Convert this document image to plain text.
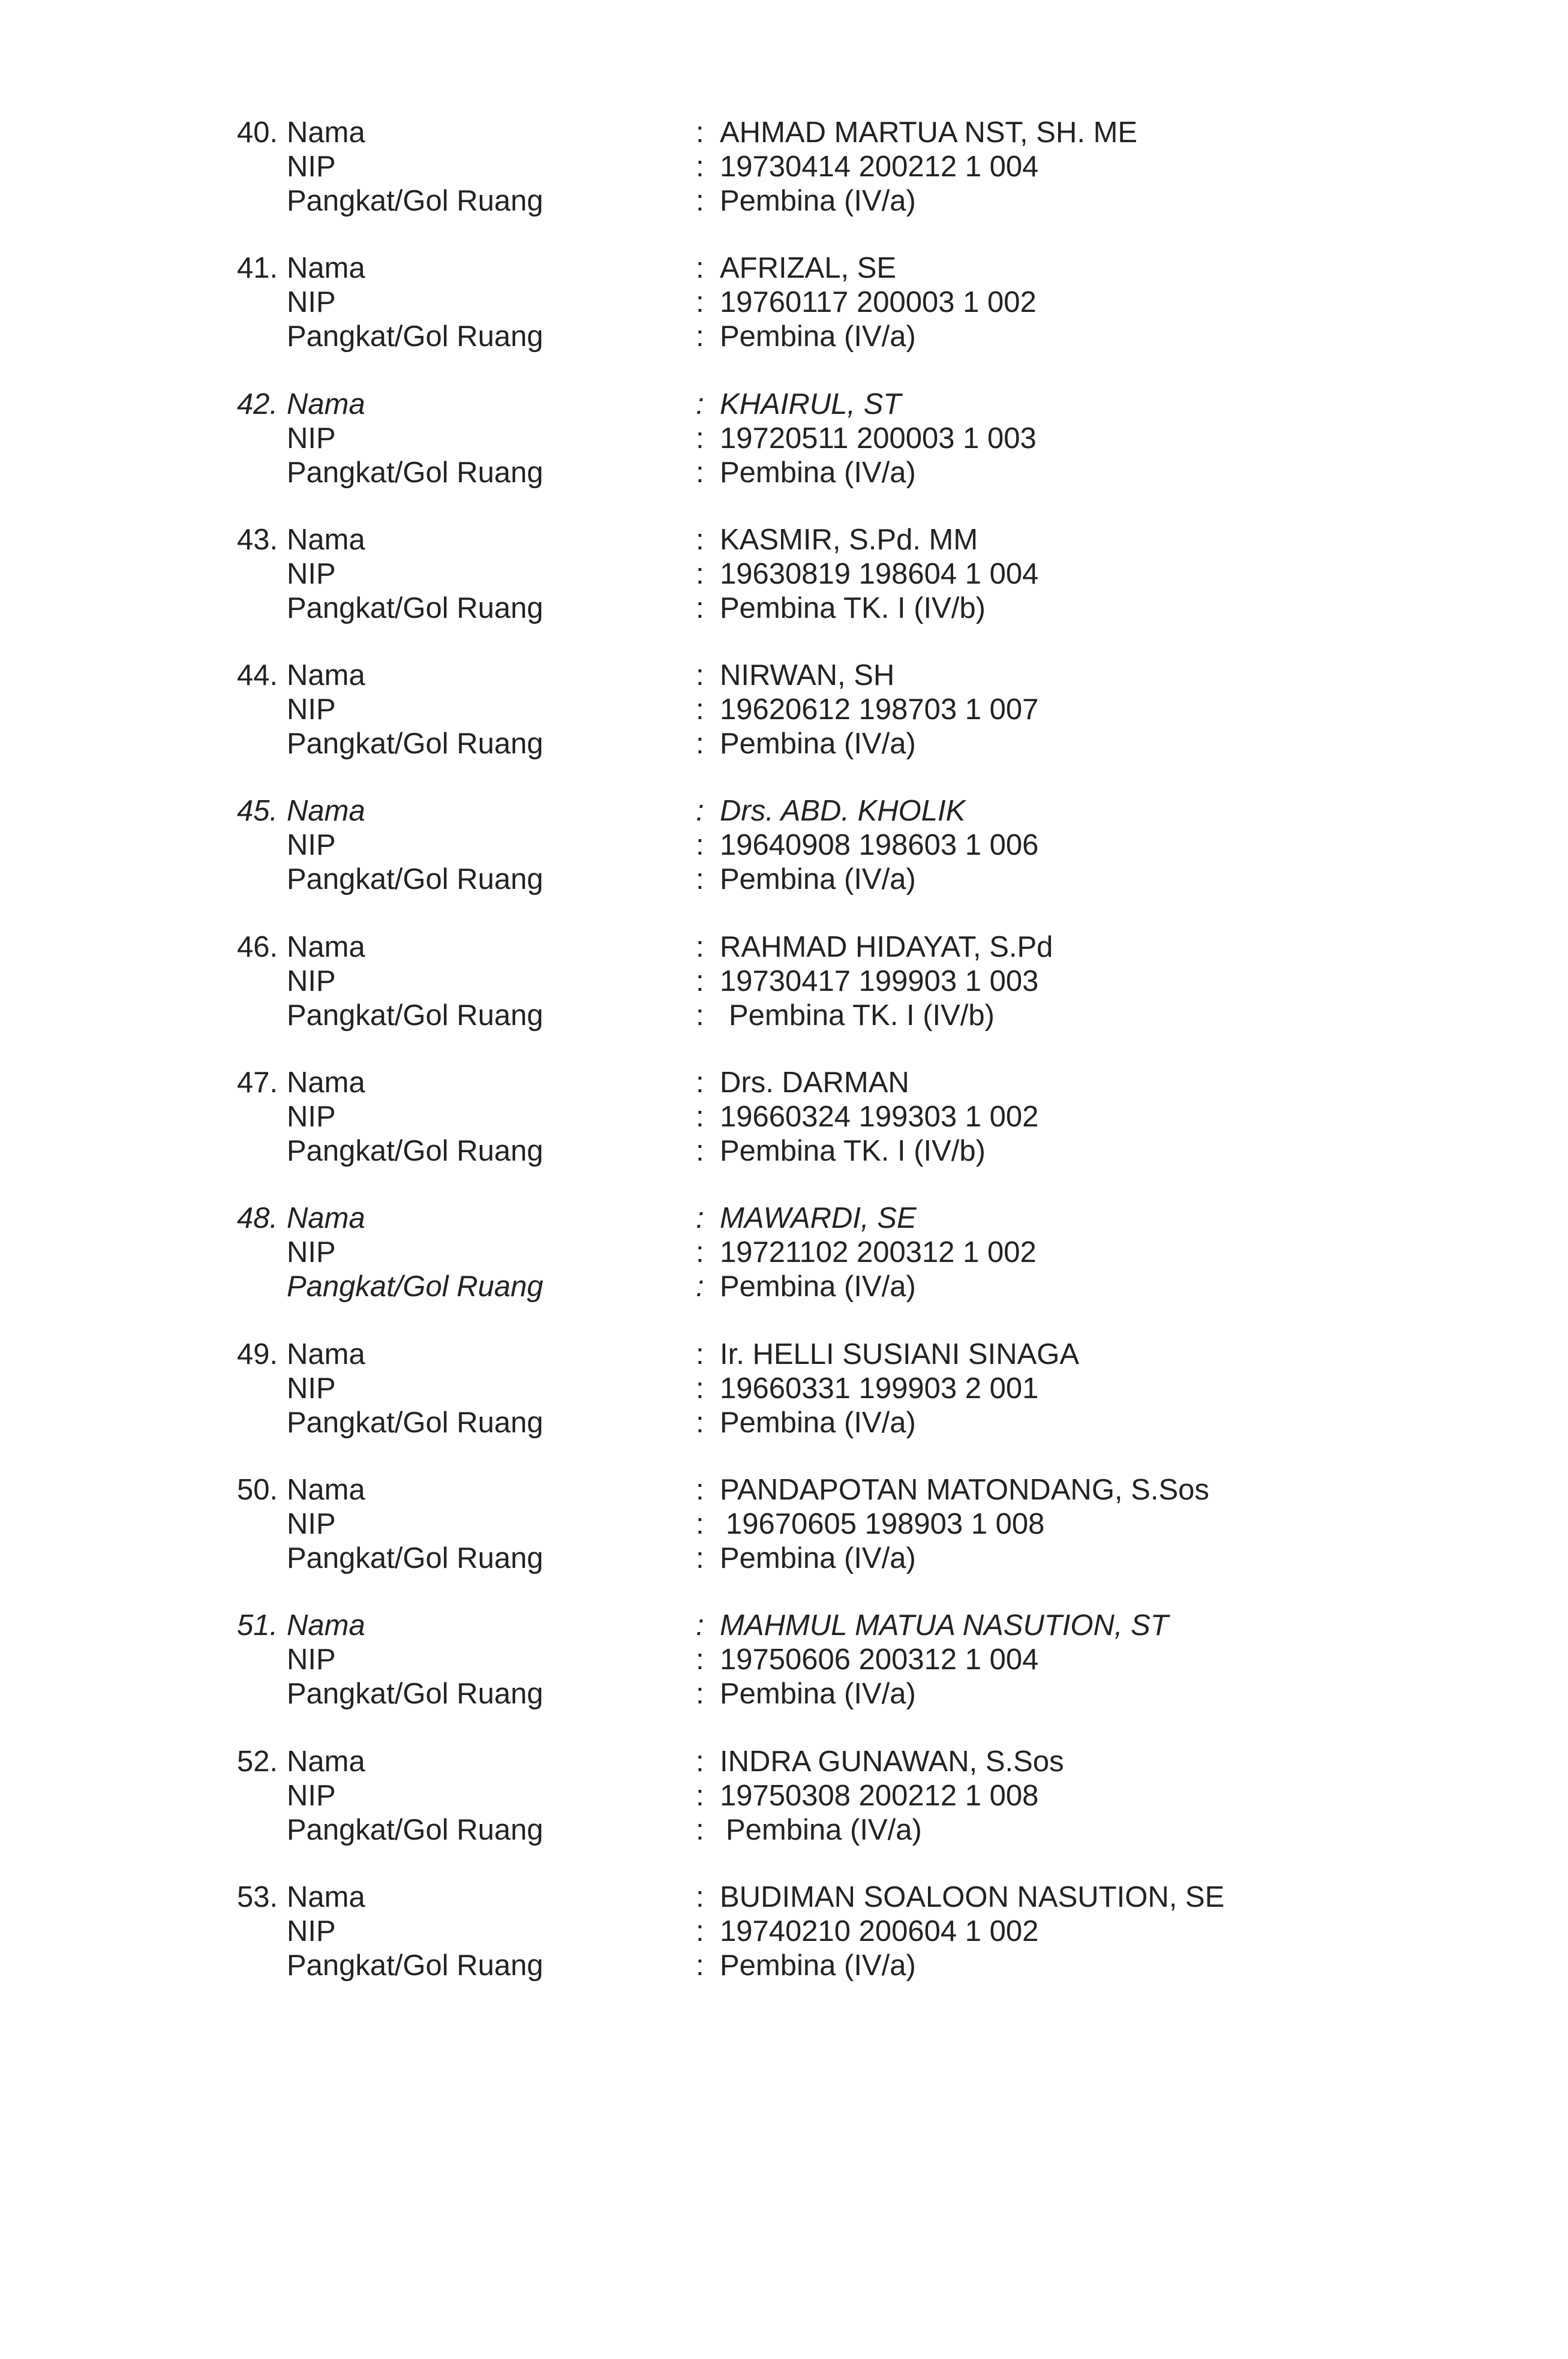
40. Nama	: AHMAD MARTUA NST, SH. ME
NIP	: 19730414 200212 1 004
Pangkat/Gol Ruang	: Pembina (IV/a)
41. Nama	: AFRIZAL, SE
NIP	: 19760117 200003 1 002
Pangkat/Gol Ruang	: Pembina (IV/a)
42. Nama	: KHAIRUL, ST
NIP	: 19720511 200003 1 003
Pangkat/Gol Ruang	: Pembina (IV/a)
43. Nama	: KASMIR, S.Pd. MM
NIP	: 19630819 198604 1 004
Pangkat/Gol Ruang	: Pembina TK. I (IV/b)
44. Nama	: NIRWAN, SH
NIP	: 19620612 198703 1 007
Pangkat/Gol Ruang	: Pembina (IV/a)
45. Nama	: Drs. ABD. KHOLIK
NIP	: 19640908 198603 1 006
Pangkat/Gol Ruang	: Pembina (IV/a)
46. Nama	: RAHMAD HIDAYAT, S.Pd
NIP	: 19730417 199903 1 003
Pangkat/Gol Ruang	: Pembina TK. I (IV/b)
47. Nama	: Drs. DARMAN
NIP	: 19660324 199303 1 002
Pangkat/Gol Ruang	: Pembina TK. I (IV/b)
48. Nama	: MAWARDI, SE
NIP	: 19721102 200312 1 002
Pangkat/Gol Ruang	: Pembina (IV/a)
49. Nama	: Ir. HELLI SUSIANI SINAGA
NIP	: 19660331 199903 2 001
Pangkat/Gol Ruang	: Pembina (IV/a)
50. Nama	: PANDAPOTAN MATONDANG, S.Sos
NIP	: 19670605 198903 1 008
Pangkat/Gol Ruang	: Pembina (IV/a)
51. Nama	: MAHMUL MATUA NASUTION, ST
NIP	: 19750606 200312 1 004
Pangkat/Gol Ruang	: Pembina (IV/a)
52. Nama	: INDRA GUNAWAN, S.Sos
NIP	: 19750308 200212 1 008
Pangkat/Gol Ruang	: Pembina (IV/a)
53. Nama	: BUDIMAN SOALOON NASUTION, SE
NIP	: 19740210 200604 1 002
Pangkat/Gol Ruang	: Pembina (IV/a)
